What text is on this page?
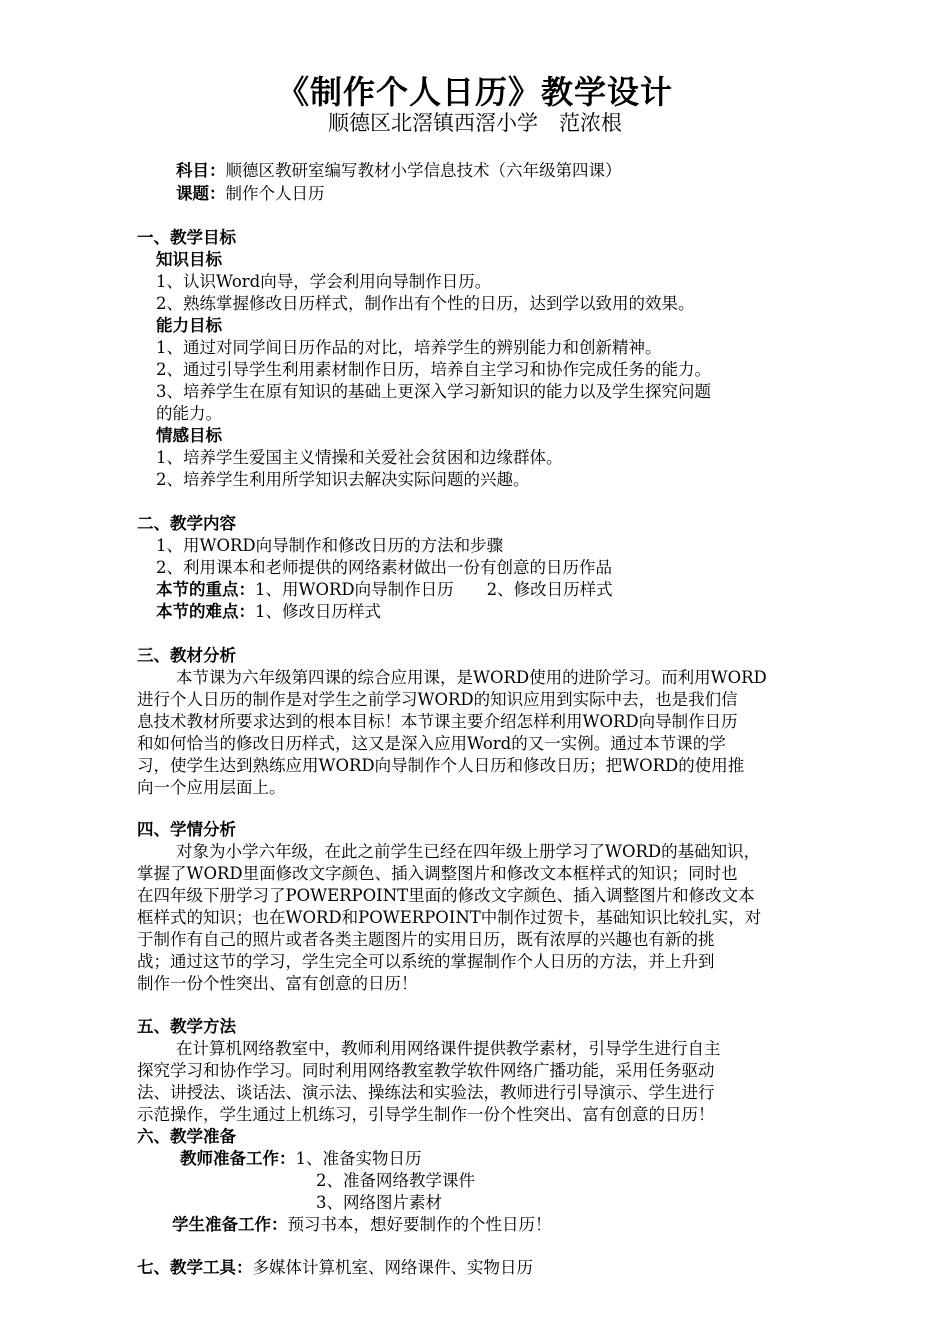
《制作个人日历》教学设计
顺德区北滘镇西滘小学　范浓根
科目：顺德区教研室编写教材小学信息技术（六年级第四课）
课题：制作个人日历
一、教学目标
知识目标
1、认识Word向导，学会利用向导制作日历。
2、熟练掌握修改日历样式，制作出有个性的日历，达到学以致用的效果。
能力目标
1、通过对同学间日历作品的对比，培养学生的辨别能力和创新精神。
2、通过引导学生利用素材制作日历，培养自主学习和协作完成任务的能力。
3、培养学生在原有知识的基础上更深入学习新知识的能力以及学生探究问题
的能力。
情感目标
1、培养学生爱国主义情操和关爱社会贫困和边缘群体。
2、培养学生利用所学知识去解决实际问题的兴趣。
二、教学内容
1、用WORD向导制作和修改日历的方法和步骤
2、利用课本和老师提供的网络素材做出一份有创意的日历作品
本节的重点：1、用WORD向导制作日历　　2、修改日历样式
本节的难点：1、修改日历样式
三、教材分析
本节课为六年级第四课的综合应用课，是WORD使用的进阶学习。而利用WORD
进行个人日历的制作是对学生之前学习WORD的知识应用到实际中去，也是我们信
息技术教材所要求达到的根本目标！本节课主要介绍怎样利用WORD向导制作日历
和如何恰当的修改日历样式，这又是深入应用Word的又一实例。通过本节课的学
习，使学生达到熟练应用WORD向导制作个人日历和修改日历；把WORD的使用推
向一个应用层面上。
四、学情分析
对象为小学六年级，在此之前学生已经在四年级上册学习了WORD的基础知识，
掌握了WORD里面修改文字颜色、插入调整图片和修改文本框样式的知识；同时也
在四年级下册学习了POWERPOINT里面的修改文字颜色、插入调整图片和修改文本
框样式的知识；也在WORD和POWERPOINT中制作过贺卡，基础知识比较扎实，对
于制作有自己的照片或者各类主题图片的实用日历，既有浓厚的兴趣也有新的挑
战；通过这节的学习，学生完全可以系统的掌握制作个人日历的方法，并上升到
制作一份个性突出、富有创意的日历！
五、教学方法
在计算机网络教室中，教师利用网络课件提供教学素材，引导学生进行自主
探究学习和协作学习。同时利用网络教室教学软件网络广播功能，采用任务驱动
法、讲授法、谈话法、演示法、操练法和实验法，教师进行引导演示、学生进行
示范操作，学生通过上机练习，引导学生制作一份个性突出、富有创意的日历！
六、教学准备
教师准备工作：1、准备实物日历
2、准备网络教学课件
3、网络图片素材
学生准备工作：预习书本，想好要制作的个性日历！
七、教学工具：多媒体计算机室、网络课件、实物日历
